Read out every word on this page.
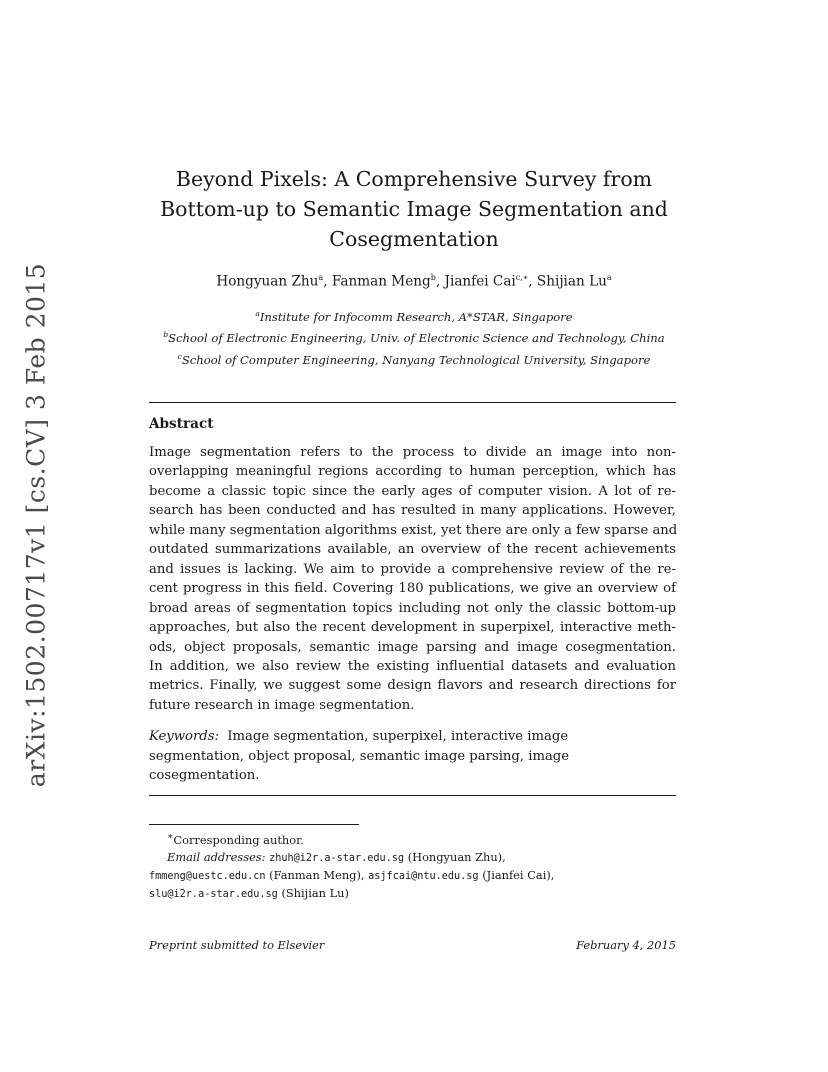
arXiv:1502.00717v1 [cs.CV] 3 Feb 2015
Beyond Pixels: A Comprehensive Survey from
Bottom-up to Semantic Image Segmentation and
Cosegmentation
Hongyuan Zhu$^a$, Fanman Meng$^b$, Jianfei Cai$^{c,∗}$, Shijian Lu$^a$
$^a$Institute for Infocomm Research, A*STAR, Singapore
$^b$School of Electronic Engineering, Univ. of Electronic Science and Technology, China
$^c$School of Computer Engineering, Nanyang Technological University, Singapore
Abstract
Image segmentation refers to the process to divide an image into non-
overlapping meaningful regions according to human perception, which has
become a classic topic since the early ages of computer vision. A lot of re-
search has been conducted and has resulted in many applications. However,
while many segmentation algorithms exist, yet there are only a few sparse and
outdated summarizations available, an overview of the recent achievements
and issues is lacking. We aim to provide a comprehensive review of the re-
cent progress in this field. Covering 180 publications, we give an overview of
broad areas of segmentation topics including not only the classic bottom-up
approaches, but also the recent development in superpixel, interactive meth-
ods, object proposals, semantic image parsing and image cosegmentation.
In addition, we also review the existing influential datasets and evaluation
metrics. Finally, we suggest some design flavors and research directions for
future research in image segmentation.
Keywords: Image segmentation, superpixel, interactive image
segmentation, object proposal, semantic image parsing, image
cosegmentation.
∗Corresponding author.
Email addresses: zhuh@i2r.a-star.edu.sg (Hongyuan Zhu),
fmmeng@uestc.edu.cn (Fanman Meng), asjfcai@ntu.edu.sg (Jianfei Cai),
slu@i2r.a-star.edu.sg (Shijian Lu)
Preprint submitted to Elsevier	February 4, 2015
